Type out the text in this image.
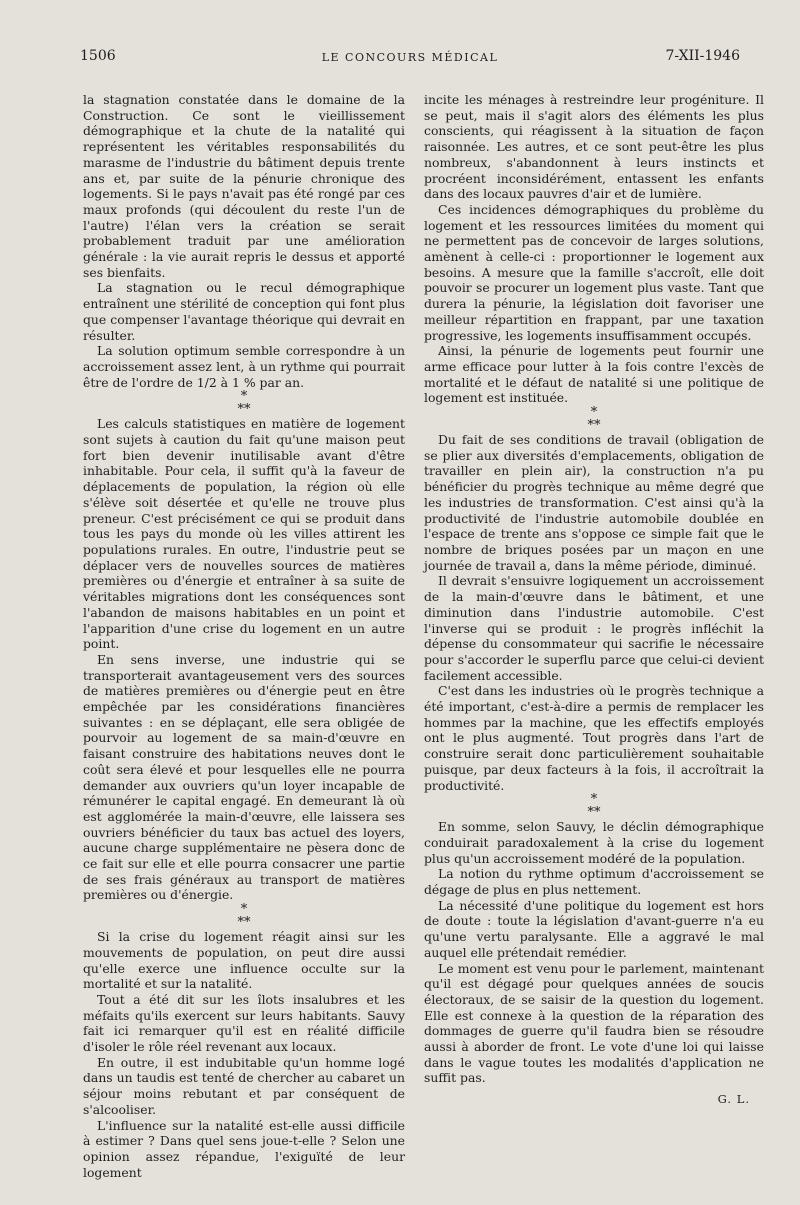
1506	LE CONCOURS MÉDICAL	7-XII-1946

la stagnation constatée dans le domaine de la Construction. Ce sont le vieillissement démographique et la chute de la natalité qui représentent les véritables responsabilités du marasme de l'industrie du bâtiment depuis trente ans et, par suite de la pénurie chronique des logements. Si le pays n'avait pas été rongé par ces maux profonds (qui découlent du reste l'un de l'autre) l'élan vers la création se serait probablement traduit par une amélioration générale : la vie aurait repris le dessus et apporté ses bienfaits.

La stagnation ou le recul démographique entraînent une stérilité de conception qui font plus que compenser l'avantage théorique qui devrait en résulter.

La solution optimum semble correspondre à un accroissement assez lent, à un rythme qui pourrait être de l'ordre de 1/2 à 1 % par an.

*
**

Les calculs statistiques en matière de logement sont sujets à caution du fait qu'une maison peut fort bien devenir inutilisable avant d'être inhabitable. Pour cela, il suffit qu'à la faveur de déplacements de population, la région où elle s'élève soit désertée et qu'elle ne trouve plus preneur. C'est précisément ce qui se produit dans tous les pays du monde où les villes attirent les populations rurales. En outre, l'industrie peut se déplacer vers de nouvelles sources de matières premières ou d'énergie et entraîner à sa suite de véritables migrations dont les conséquences sont l'abandon de maisons habitables en un point et l'apparition d'une crise du logement en un autre point.

En sens inverse, une industrie qui se transporterait avantageusement vers des sources de matières premières ou d'énergie peut en être empêchée par les considérations financières suivantes : en se déplaçant, elle sera obligée de pourvoir au logement de sa main-d'œuvre en faisant construire des habitations neuves dont le coût sera élevé et pour lesquelles elle ne pourra demander aux ouvriers qu'un loyer incapable de rémunérer le capital engagé. En demeurant là où est agglomérée la main-d'œuvre, elle laissera ses ouvriers bénéficier du taux bas actuel des loyers, aucune charge supplémentaire ne pèsera donc de ce fait sur elle et elle pourra consacrer une partie de ses frais généraux au transport de matières premières ou d'énergie.

*
**

Si la crise du logement réagit ainsi sur les mouvements de population, on peut dire aussi qu'elle exerce une influence occulte sur la mortalité et sur la natalité.

Tout a été dit sur les îlots insalubres et les méfaits qu'ils exercent sur leurs habitants. Sauvy fait ici remarquer qu'il est en réalité difficile d'isoler le rôle réel revenant aux locaux.

En outre, il est indubitable qu'un homme logé dans un taudis est tenté de chercher au cabaret un séjour moins rebutant et par conséquent de s'alcooliser.

L'influence sur la natalité est-elle aussi difficile à estimer ? Dans quel sens joue-t-elle ? Selon une opinion assez répandue, l'exiguïté de leur logement

incite les ménages à restreindre leur progéniture. Il se peut, mais il s'agit alors des éléments les plus conscients, qui réagissent à la situation de façon raisonnée. Les autres, et ce sont peut-être les plus nombreux, s'abandonnent à leurs instincts et procréent inconsidérément, entassent les enfants dans des locaux pauvres d'air et de lumière.

Ces incidences démographiques du problème du logement et les ressources limitées du moment qui ne permettent pas de concevoir de larges solutions, amènent à celle-ci : proportionner le logement aux besoins. A mesure que la famille s'accroît, elle doit pouvoir se procurer un logement plus vaste. Tant que durera la pénurie, la législation doit favoriser une meilleur répartition en frappant, par une taxation progressive, les logements insuffisamment occupés.

Ainsi, la pénurie de logements peut fournir une arme efficace pour lutter à la fois contre l'excès de mortalité et le défaut de natalité si une politique de logement est instituée.

*
**

Du fait de ses conditions de travail (obligation de se plier aux diversités d'emplacements, obligation de travailler en plein air), la construction n'a pu bénéficier du progrès technique au même degré que les industries de transformation. C'est ainsi qu'à la productivité de l'industrie automobile doublée en l'espace de trente ans s'oppose ce simple fait que le nombre de briques posées par un maçon en une journée de travail a, dans la même période, diminué.

Il devrait s'ensuivre logiquement un accroissement de la main-d'œuvre dans le bâtiment, et une diminution dans l'industrie automobile. C'est l'inverse qui se produit : le progrès infléchit la dépense du consommateur qui sacrifie le nécessaire pour s'accorder le superflu parce que celui-ci devient facilement accessible.

C'est dans les industries où le progrès technique a été important, c'est-à-dire a permis de remplacer les hommes par la machine, que les effectifs employés ont le plus augmenté. Tout progrès dans l'art de construire serait donc particulièrement souhaitable puisque, par deux facteurs à la fois, il accroîtrait la productivité.

*
**

En somme, selon Sauvy, le déclin démographique conduirait paradoxalement à la crise du logement plus qu'un accroissement modéré de la population.

La notion du rythme optimum d'accroissement se dégage de plus en plus nettement.

La nécessité d'une politique du logement est hors de doute : toute la législation d'avant-guerre n'a eu qu'une vertu paralysante. Elle a aggravé le mal auquel elle prétendait remédier.

Le moment est venu pour le parlement, maintenant qu'il est dégagé pour quelques années de soucis électoraux, de se saisir de la question du logement. Elle est connexe à la question de la réparation des dommages de guerre qu'il faudra bien se résoudre aussi à aborder de front. Le vote d'une loi qui laisse dans le vague toutes les modalités d'application ne suffit pas.

G. L.
